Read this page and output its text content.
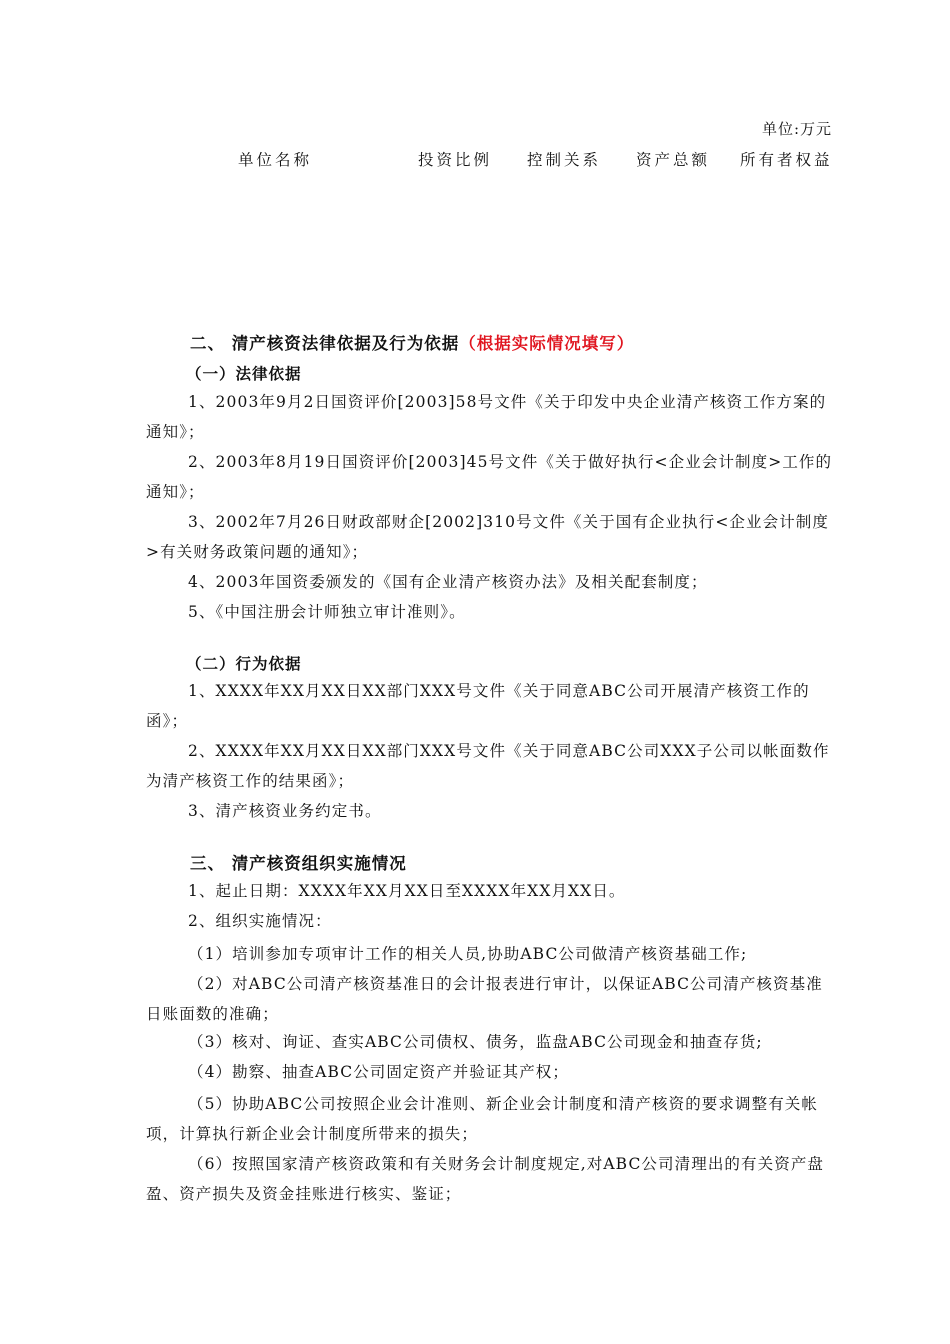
单位:万元
单位名称	投资比例 控制关系 资产总额 所有者权益
二、 清产核资法律依据及行为依据（根据实际情况填写）
（一）法律依据
1、2003年9月2日国资评价[2003]58号文件《关于印发中央企业清产核资工作方案的通知》；
2、2003年8月19日国资评价[2003]45号文件《关于做好执行<企业会计制度>工作的通知》；
3、2002年7月26日财政部财企[2002]310号文件《关于国有企业执行<企业会计制度>有关财务政策问题的通知》；
4、2003年国资委颁发的《国有企业清产核资办法》及相关配套制度；
5、《中国注册会计师独立审计准则》。
（二）行为依据
1、XXXX年XX月XX日XX部门XXX号文件《关于同意ABC公司开展清产核资工作的函》；
2、XXXX年XX月XX日XX部门XXX号文件《关于同意ABC公司XXX子公司以帐面数作为清产核资工作的结果函》；
3、清产核资业务约定书。
三、 清产核资组织实施情况
1、起止日期：XXXX年XX月XX日至XXXX年XX月XX日。
2、组织实施情况：
（1）培训参加专项审计工作的相关人员,协助ABC公司做清产核资基础工作;
（2）对ABC公司清产核资基准日的会计报表进行审计，以保证ABC公司清产核资基准日账面数的准确；
（3）核对、询证、查实ABC公司债权、债务，监盘ABC公司现金和抽查存货;
（4）勘察、抽查ABC公司固定资产并验证其产权；
（5）协助ABC公司按照企业会计准则、新企业会计制度和清产核资的要求调整有关帐项，计算执行新企业会计制度所带来的损失；
（6）按照国家清产核资政策和有关财务会计制度规定,对ABC公司清理出的有关资产盘盈、资产损失及资金挂账进行核实、鉴证；
